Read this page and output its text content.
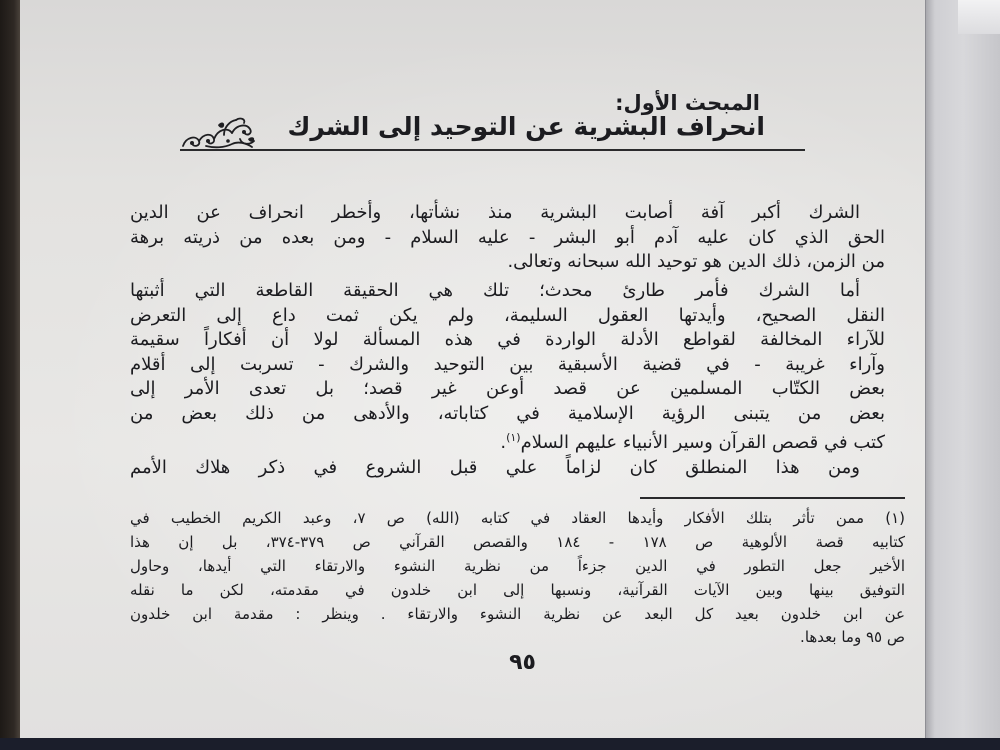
المبحث الأول:
انحراف البشرية عن التوحيد إلى الشرك
الشرك أكبر آفة أصابت البشرية منذ نشأتها، وأخطر انحراف عن الدين
الحق الذي كان عليه آدم أبو البشر - عليه السلام - ومن بعده من ذريته برهة
من الزمن، ذلك الدين هو توحيد الله سبحانه وتعالى.
أما الشرك فأمر طارئ محدث؛ تلك هي الحقيقة القاطعة التي أثبتها
النقل الصحيح، وأيدتها العقول السليمة، ولم يكن ثمت داع إلى التعرض
للآراء المخالفة لقواطع الأدلة الواردة في هذه المسألة لولا أن أفكاراً سقيمة
وآراء غريبة - في قضية الأسبقية بين التوحيد والشرك - تسربت إلى أقلام
بعض الكتّاب المسلمين عن قصد أوعن غير قصد؛ بل تعدى الأمر إلى
بعض من يتبنى الرؤية الإسلامية في كتاباته، والأدهى من ذلك بعض من
كتب في قصص القرآن وسير الأنبياء عليهم السلام$^{(١)}$.
ومن هذا المنطلق كان لزاماً علي قبل الشروع في ذكر هلاك الأمم
(١) ممن تأثر بتلك الأفكار وأيدها العقاد في كتابه (الله) ص ٧، وعبد الكريم الخطيب في
كتابيه قصة الألوهية ص ١٧٨ - ١٨٤ والقصص القرآني ص ٣٧٩-٣٧٤، بل إن هذا
الأخير جعل التطور في الدين جزءاً من نظرية النشوء والارتقاء التي أيدها، وحاول
التوفيق بينها وبين الآيات القرآنية، ونسبها إلى ابن خلدون في مقدمته، لكن ما نقله
عن ابن خلدون بعيد كل البعد عن نظرية النشوء والارتقاء . وينظر : مقدمة ابن خلدون
ص ٩٥ وما بعدها.
٩٥
